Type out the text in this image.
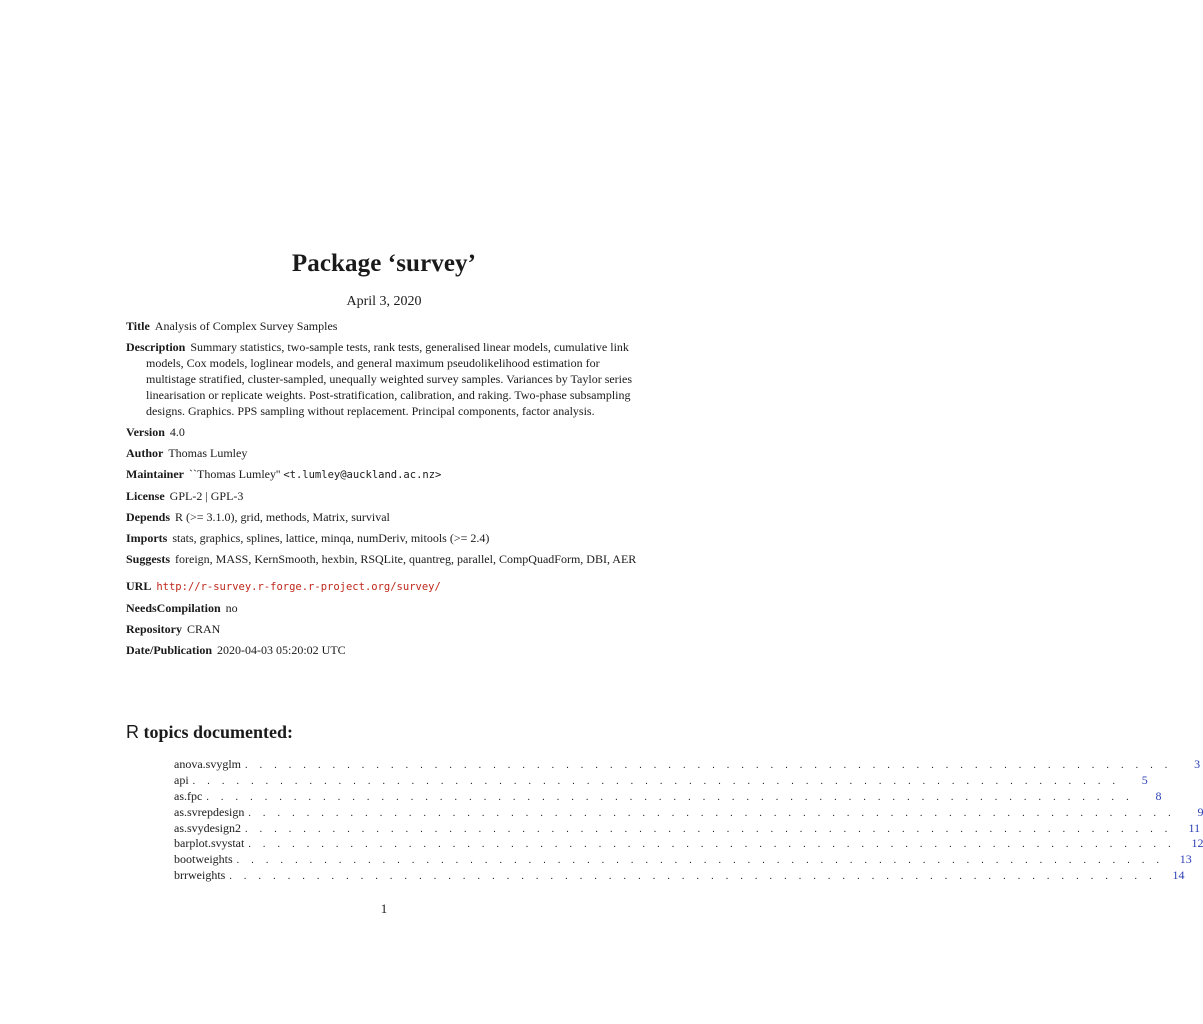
Package ‘survey’
April 3, 2020
Title Analysis of Complex Survey Samples
Description Summary statistics, two-sample tests, rank tests, generalised linear models, cumulative link models, Cox models, loglinear models, and general maximum pseudolikelihood estimation for multistage stratified, cluster-sampled, unequally weighted survey samples. Variances by Taylor series linearisation or replicate weights. Post-stratification, calibration, and raking. Two-phase subsampling designs. Graphics. PPS sampling without replacement. Principal components, factor analysis.
Version 4.0
Author Thomas Lumley
Maintainer ``Thomas Lumley'' <t.lumley@auckland.ac.nz>
License GPL-2 | GPL-3
Depends R (>= 3.1.0), grid, methods, Matrix, survival
Imports stats, graphics, splines, lattice, minqa, numDeriv, mitools (>= 2.4)
Suggests foreign, MASS, KernSmooth, hexbin, RSQLite, quantreg, parallel, CompQuadForm, DBI, AER
URL http://r-survey.r-forge.r-project.org/survey/
NeedsCompilation no
Repository CRAN
Date/Publication 2020-04-03 05:20:02 UTC
R topics documented:
anova.svyglm . . . . . . . . . . . . . . . . . . . . . . . . . . . . . . . . . . . . . . . . . . . . . . . . . . . . . . . . . . . . . . . .	3
api . . . . . . . . . . . . . . . . . . . . . . . . . . . . . . . . . . . . . . . . . . . . . . . . . . . . . . . . . . . . . . . .	5
as.fpc . . . . . . . . . . . . . . . . . . . . . . . . . . . . . . . . . . . . . . . . . . . . . . . . . . . . . . . . . . . . . . . .	8
as.svrepdesign . . . . . . . . . . . . . . . . . . . . . . . . . . . . . . . . . . . . . . . . . . . . . . . . . . . . . . . . . . . . . . . .	9
as.svydesign2 . . . . . . . . . . . . . . . . . . . . . . . . . . . . . . . . . . . . . . . . . . . . . . . . . . . . . . . . . . . . . . . .	11
barplot.svystat . . . . . . . . . . . . . . . . . . . . . . . . . . . . . . . . . . . . . . . . . . . . . . . . . . . . . . . . . . . . . . . .	12
bootweights . . . . . . . . . . . . . . . . . . . . . . . . . . . . . . . . . . . . . . . . . . . . . . . . . . . . . . . . . . . . . . . .	13
brrweights . . . . . . . . . . . . . . . . . . . . . . . . . . . . . . . . . . . . . . . . . . . . . . . . . . . . . . . . . . . . . . . .	14
1
